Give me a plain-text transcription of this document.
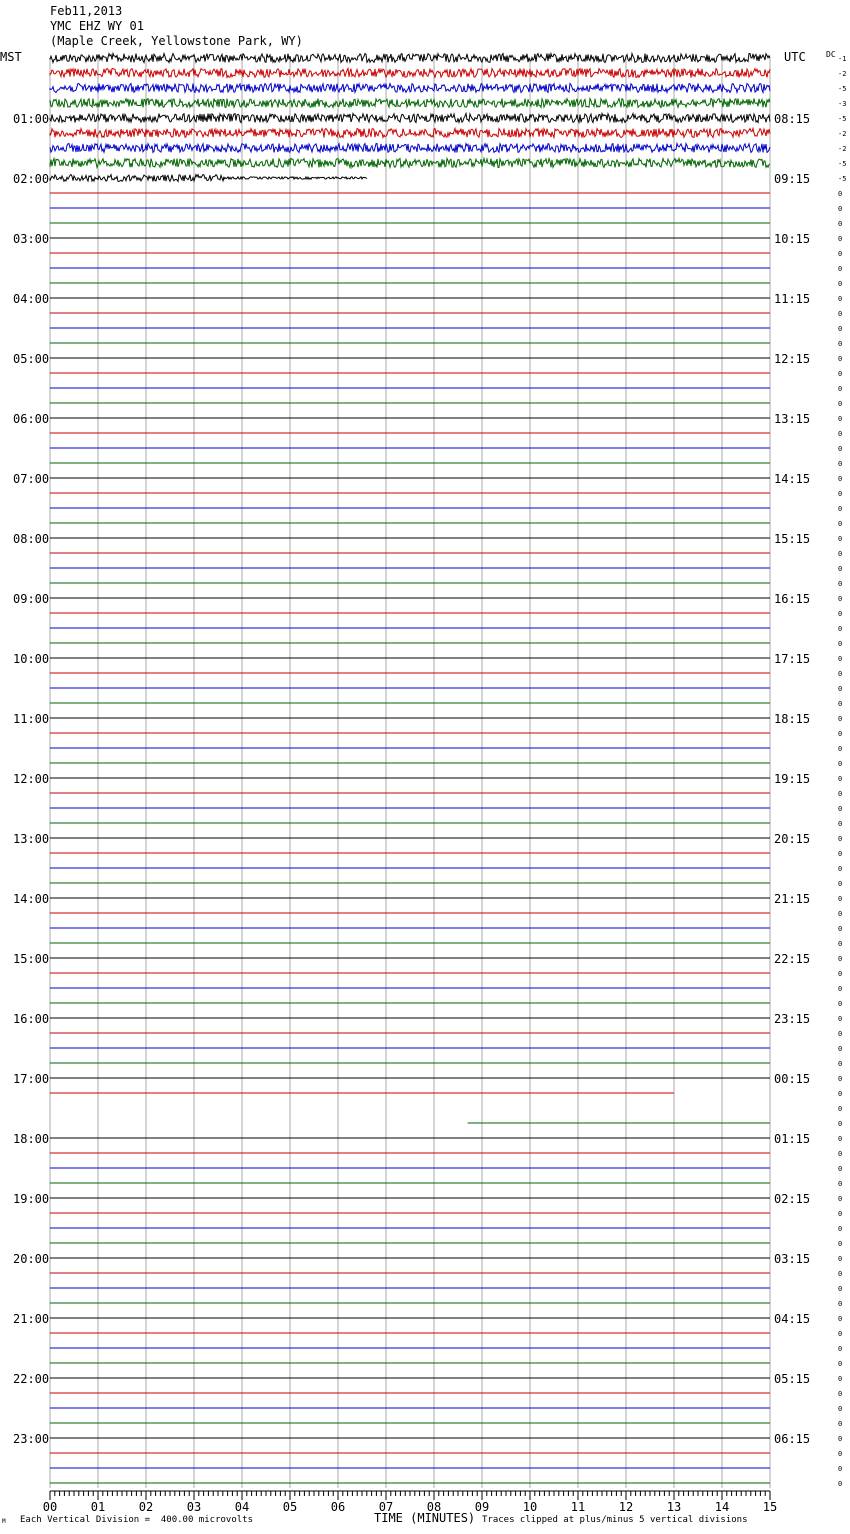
Feb11,2013
YMC EHZ WY 01
(Maple Creek, Yellowstone Park, WY)
MST	UTC	DC -1
-2
-5
-3
-5
-2
-2
-5
-5
0
0
0
0
0
0
0
0
0
0
0
0
0
0
0
0
0
0
0
0
0
0
0
0
0
0
0
0
0
0
0
0
0
0
0
0
0
0
0
0
0
0
0
0
0
0
0
0
0
0
0
0
0
0
0
0
0
0
0
0
0
0
0
0
0
0
0
0
0
0
0
0
0
0
0
0
0
0
0
0
0
0
0
0
0
0
0
01:00
02:00
03:00
04:00
05:00
06:00
07:00
08:00
09:00
10:00
11:00
12:00
13:00
14:00
15:00
16:00
17:00
18:00
19:00
20:00
21:00
22:00
23:00
08:15
09:15
10:15
11:15
12:15
13:15
14:15
15:15
16:15
17:15
18:15
19:15
20:15
21:15
22:15
23:15
00:15
01:15
02:15
03:15
04:15
05:15
06:15
00	01	02	03	04	05	06	07	08	09	10	11	12	13	14	15
Each Vertical Division =  400.00 microvolts
M	TIME (MINUTES) Traces clipped at plus/minus 5 vertical divisions
